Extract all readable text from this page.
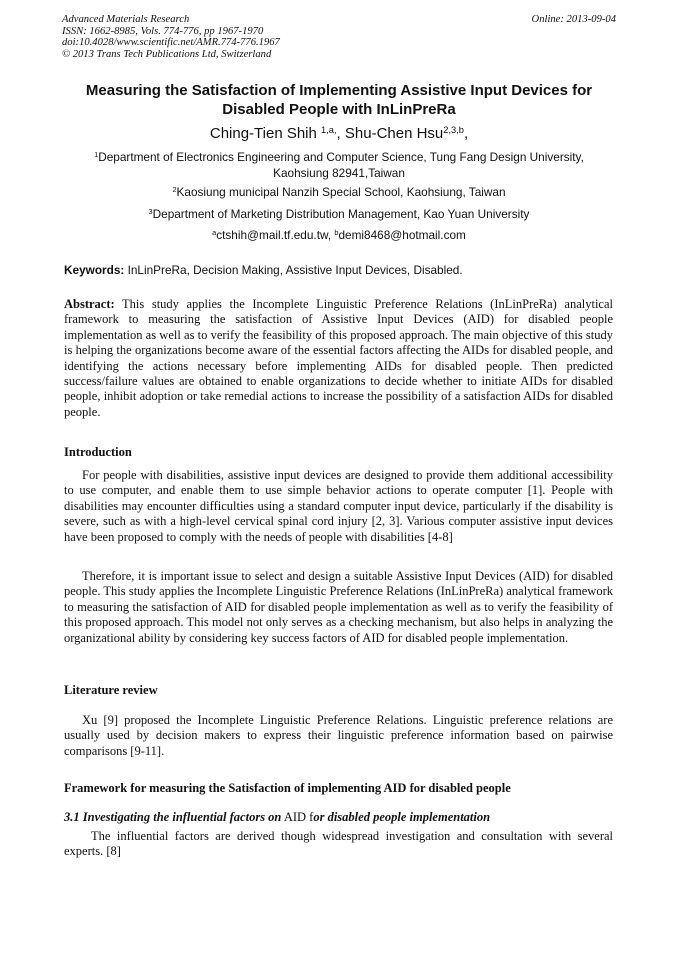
Advanced Materials Research
ISSN: 1662-8985, Vols. 774-776, pp 1967-1970
doi:10.4028/www.scientific.net/AMR.774-776.1967
© 2013 Trans Tech Publications Ltd, Switzerland
Online: 2013-09-04
Measuring the Satisfaction of Implementing Assistive Input Devices for
Disabled People with InLinPreRa
Ching-Tien Shih $^{1,a,}$, Shu-Chen Hsu$^{2,3,b}$,
$^1$Department of Electronics Engineering and Computer Science, Tung Fang Design University,
Kaohsiung 82941,Taiwan
$^2$Kaosiung municipal Nanzih Special School, Kaohsiung, Taiwan
$^3$Department of Marketing Distribution Management, Kao Yuan University
$^a$ctshih@mail.tf.edu.tw, $^b$demi8468@hotmail.com
Keywords: InLinPreRa, Decision Making, Assistive Input Devices, Disabled.
Abstract: This study applies the Incomplete Linguistic Preference Relations (InLinPreRa) analytical framework to measuring the satisfaction of Assistive Input Devices (AID) for disabled people implementation as well as to verify the feasibility of this proposed approach. The main objective of this study is helping the organizations become aware of the essential factors affecting the AIDs for disabled people, and identifying the actions necessary before implementing AIDs for disabled people. Then predicted success/failure values are obtained to enable organizations to decide whether to initiate AIDs for disabled people, inhibit adoption or take remedial actions to increase the possibility of a satisfaction AIDs for disabled people.
Introduction
For people with disabilities, assistive input devices are designed to provide them additional accessibility to use computer, and enable them to use simple behavior actions to operate computer [1]. People with disabilities may encounter difficulties using a standard computer input device, particularly if the disability is severe, such as with a high-level cervical spinal cord injury [2, 3]. Various computer assistive input devices have been proposed to comply with the needs of people with disabilities [4-8]
Therefore, it is important issue to select and design a suitable Assistive Input Devices (AID) for disabled people. This study applies the Incomplete Linguistic Preference Relations (InLinPreRa) analytical framework to measuring the satisfaction of AID for disabled people implementation as well as to verify the feasibility of this proposed approach. This model not only serves as a checking mechanism, but also helps in analyzing the organizational ability by considering key success factors of AID for disabled people implementation.
Literature review
Xu [9] proposed the Incomplete Linguistic Preference Relations. Linguistic preference relations are usually used by decision makers to express their linguistic preference information based on pairwise comparisons [9-11].
Framework for measuring the Satisfaction of implementing AID for disabled people
3.1 Investigating the influential factors on AID for disabled people implementation
The influential factors are derived though widespread investigation and consultation with several experts. [8]
